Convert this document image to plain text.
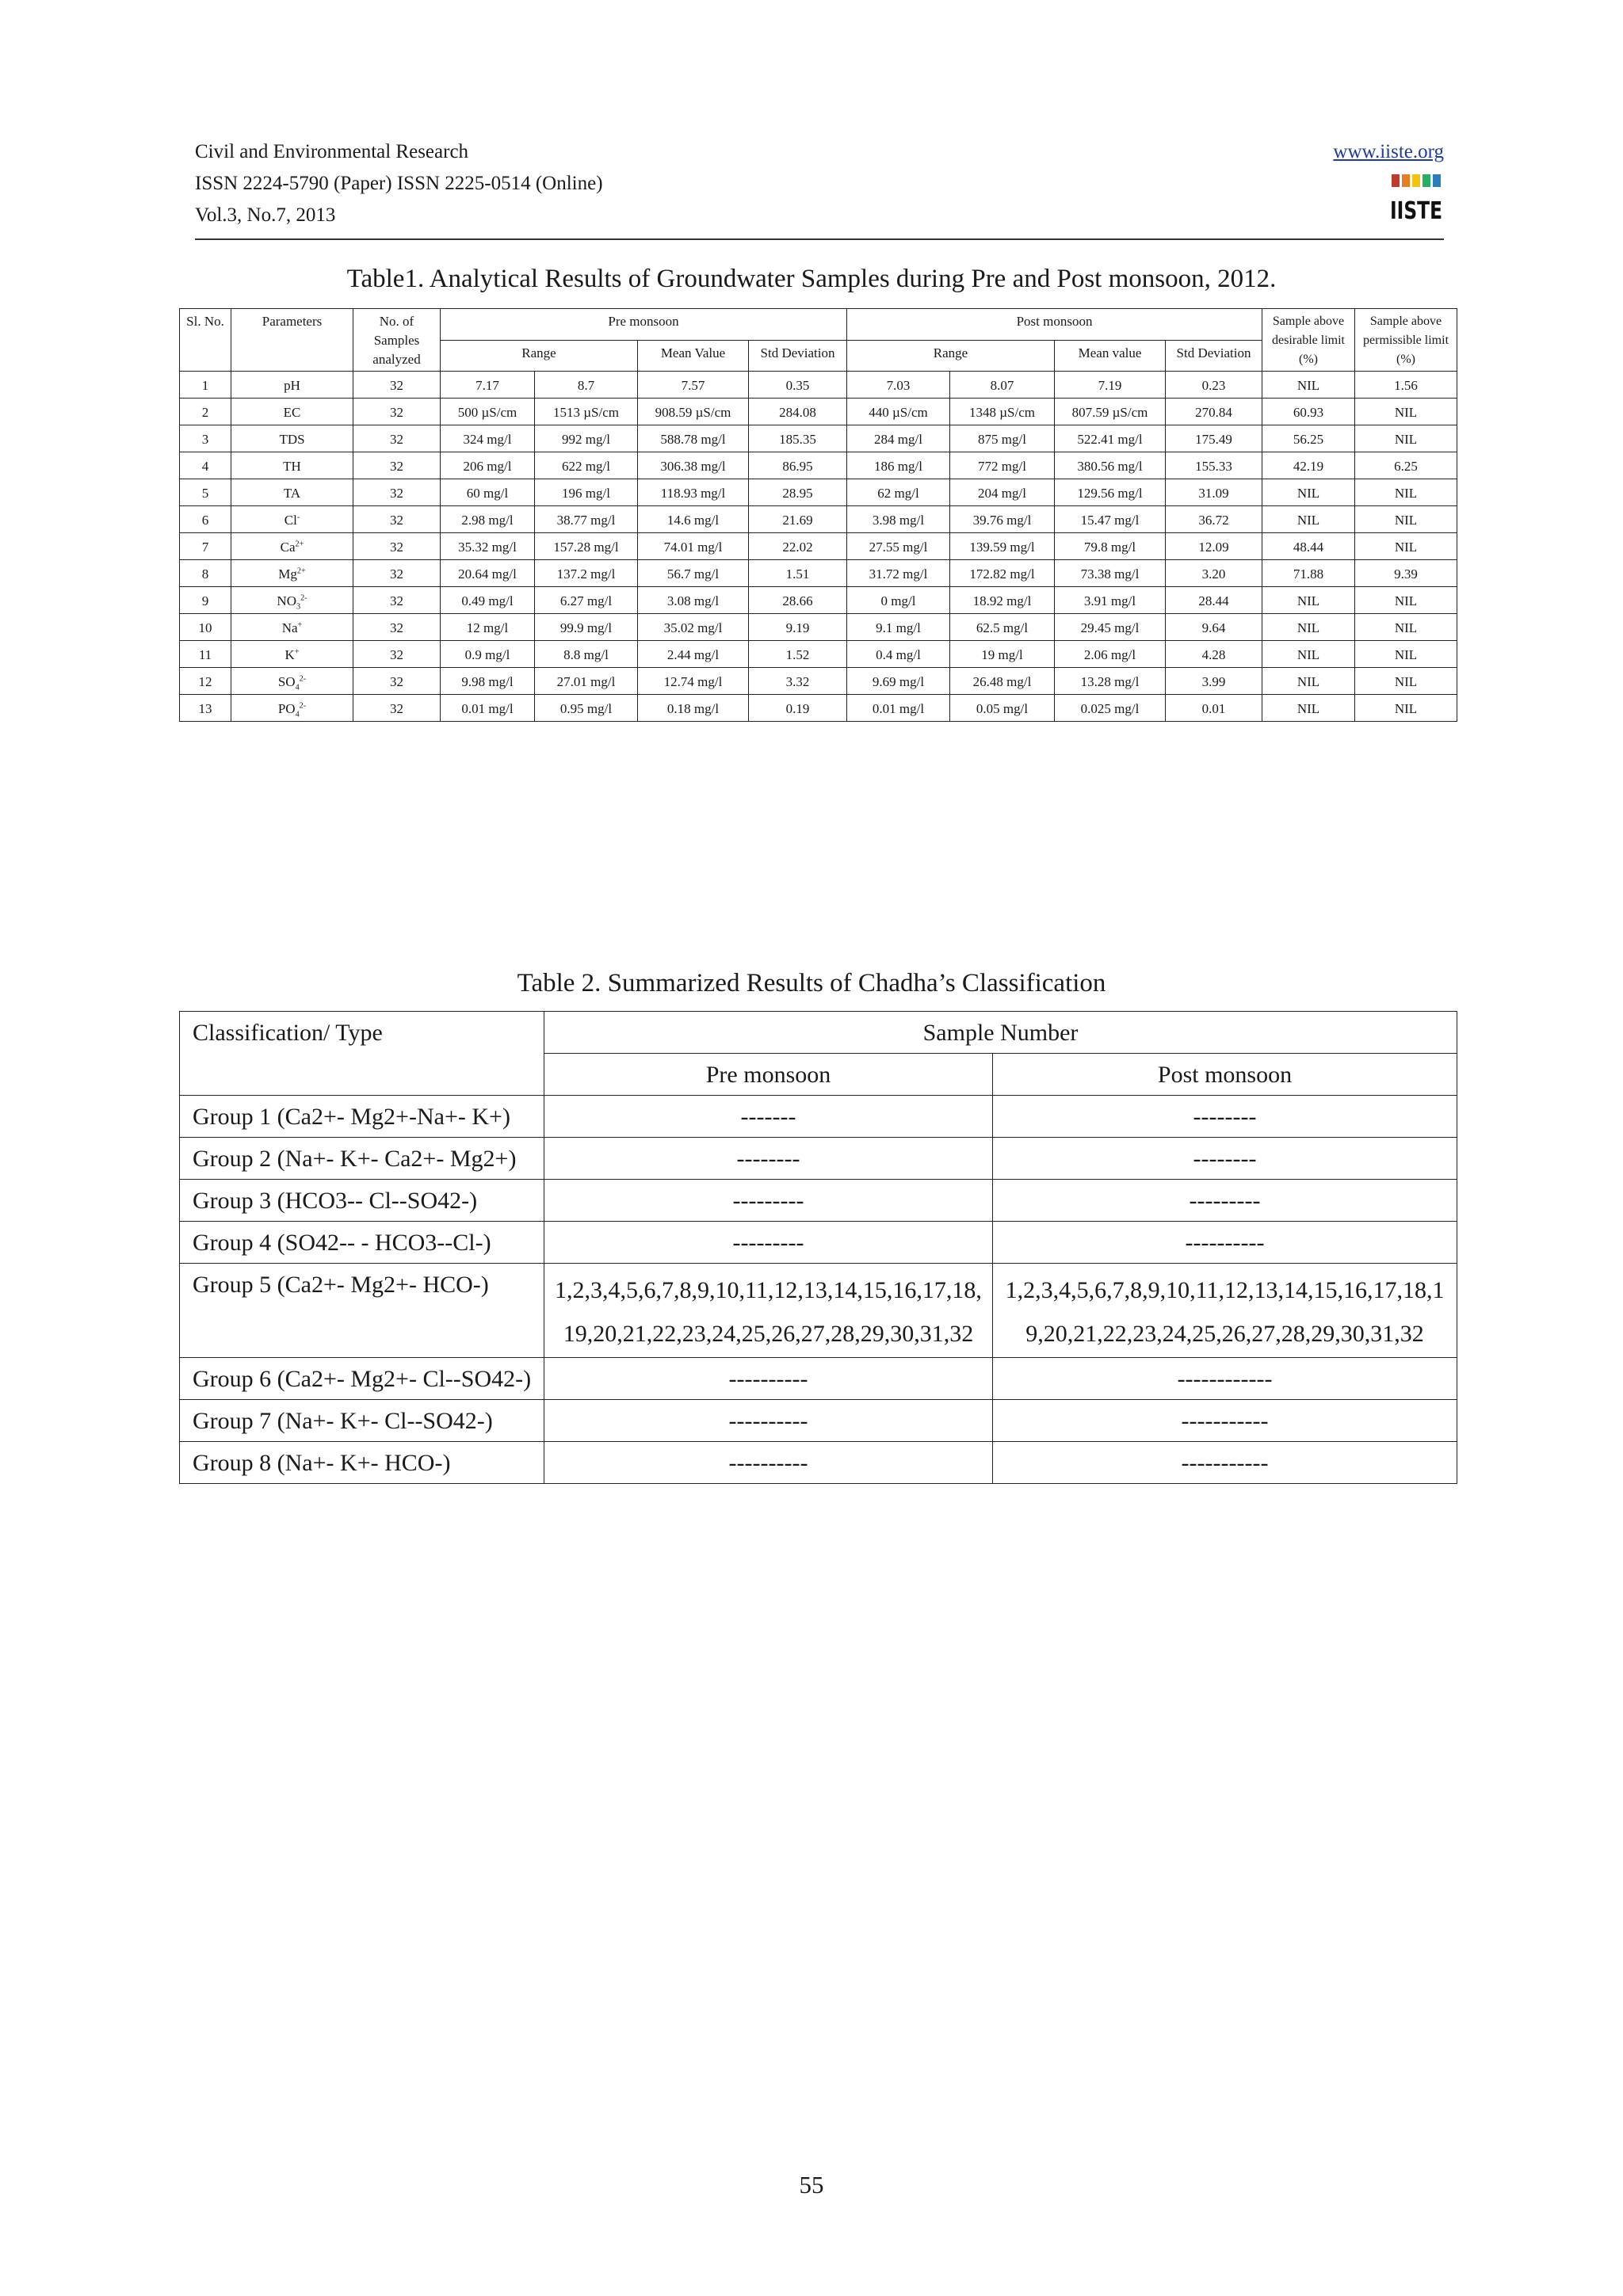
Civil and Environmental Research
ISSN 2224-5790 (Paper) ISSN 2225-0514 (Online)
Vol.3, No.7, 2013
www.iiste.org
IISTE
Table1. Analytical Results of Groundwater Samples during Pre and Post monsoon, 2012.
Sl. No.	Parameters	No. of Samples analyzed	Pre monsoon				Post monsoon				Sample above desirable limit (%)	Sample above permissible limit (%)
			Range		Mean Value	Std Deviation	Range		Mean value	Std Deviation		
1	pH	32	7.17	8.7	7.57	0.35	7.03	8.07	7.19	0.23	NIL	1.56
2	EC	32	500 µS/cm	1513 µS/cm	908.59 µS/cm	284.08	440 µS/cm	1348 µS/cm	807.59 µS/cm	270.84	60.93	NIL
3	TDS	32	324 mg/l	992 mg/l	588.78 mg/l	185.35	284 mg/l	875 mg/l	522.41 mg/l	175.49	56.25	NIL
4	TH	32	206 mg/l	622 mg/l	306.38 mg/l	86.95	186 mg/l	772 mg/l	380.56 mg/l	155.33	42.19	6.25
5	TA	32	60 mg/l	196 mg/l	118.93 mg/l	28.95	62 mg/l	204 mg/l	129.56 mg/l	31.09	NIL	NIL
6	Cl-	32	2.98 mg/l	38.77 mg/l	14.6 mg/l	21.69	3.98 mg/l	39.76 mg/l	15.47 mg/l	36.72	NIL	NIL
7	$Ca^{2+}$	32	35.32 mg/l	157.28 mg/l	74.01 mg/l	22.02	27.55 mg/l	139.59 mg/l	79.8 mg/l	12.09	48.44	NIL
8	$Mg^{2+}$	32	20.64 mg/l	137.2 mg/l	56.7 mg/l	1.51	31.72 mg/l	172.82 mg/l	73.38 mg/l	3.20	71.88	9.39
9	$NO_3^{2-}$	32	0.49 mg/l	6.27 mg/l	3.08 mg/l	28.66	0 mg/l	18.92 mg/l	3.91 mg/l	28.44	NIL	NIL
10	Na+	32	12 mg/l	99.9 mg/l	35.02 mg/l	9.19	9.1 mg/l	62.5 mg/l	29.45 mg/l	9.64	NIL	NIL
11	K+	32	0.9 mg/l	8.8 mg/l	2.44 mg/l	1.52	0.4 mg/l	19 mg/l	2.06 mg/l	4.28	NIL	NIL
12	$SO_4^{2-}$	32	9.98 mg/l	27.01 mg/l	12.74 mg/l	3.32	9.69 mg/l	26.48 mg/l	13.28 mg/l	3.99	NIL	NIL
13	$PO_4^{2-}$	32	0.01 mg/l	0.95 mg/l	0.18 mg/l	0.19	0.01 mg/l	0.05 mg/l	0.025 mg/l	0.01	NIL	NIL
Table 2. Summarized Results of Chadha’s Classification
Classification/ Type	Sample Number	
	Pre monsoon	Post monsoon
Group 1 (Ca2+- Mg2+-Na+- K+)	-------	--------
Group 2 (Na+- K+- Ca2+- Mg2+)	--------	--------
Group 3 (HCO3-- Cl--SO42-)	---------	---------
Group 4 (SO42-- - HCO3--Cl-)	---------	----------
Group 5 (Ca2+- Mg2+- HCO-)	1,2,3,4,5,6,7,8,9,10,11,12,13,14,15,16,17,18,19,20,21,22,23,24,25,26,27,28,29,30,31,32	1,2,3,4,5,6,7,8,9,10,11,12,13,14,15,16,17,18,19,20,21,22,23,24,25,26,27,28,29,30,31,32
Group 6 (Ca2+- Mg2+- Cl--SO42-)	----------	------------
Group 7 (Na+- K+- Cl--SO42-)	----------	-----------
Group 8 (Na+- K+- HCO-)	----------	-----------
55
